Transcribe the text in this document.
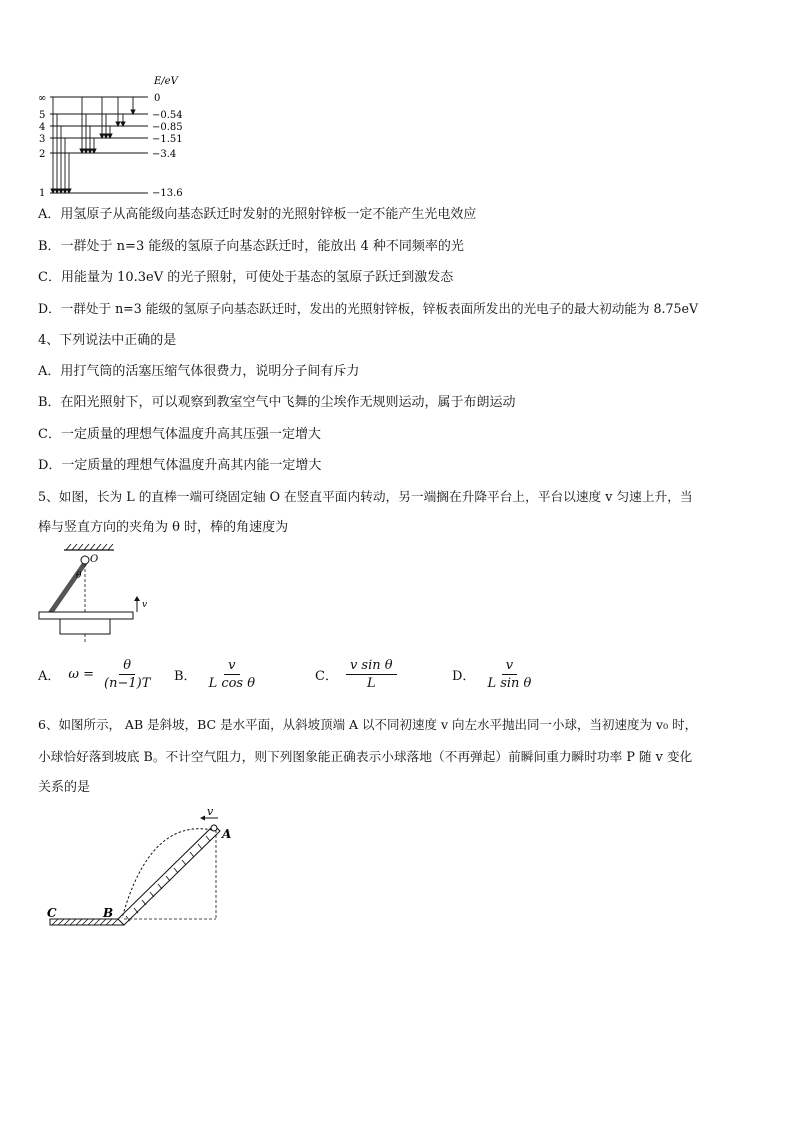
E/eV
∞
5
4
3
2
1
0
−0.54
−0.85
−1.51
−3.4
−13.6
A．用氢原子从高能级向基态跃迁时发射的光照射锌板一定不能产生光电效应
B．一群处于 n=3 能级的氢原子向基态跃迁时，能放出 4 种不同频率的光
C．用能量为 10.3eV 的光子照射，可使处于基态的氢原子跃迁到激发态
D．一群处于 n=3 能级的氢原子向基态跃迁时，发出的光照射锌板，锌板表面所发出的光电子的最大初动能为 8.75eV
4、下列说法中正确的是
A．用打气筒的活塞压缩气体很费力，说明分子间有斥力
B．在阳光照射下，可以观察到教室空气中飞舞的尘埃作无规则运动，属于布朗运动
C．一定质量的理想气体温度升高其压强一定增大
D．一定质量的理想气体温度升高其内能一定增大
5、如图，长为 L 的直棒一端可绕固定轴 O 在竖直平面内转动，另一端搁在升降平台上，平台以速度 v 匀速上升，当
棒与竖直方向的夹角为 θ 时，棒的角速度为
O
θ
v
A． $\omega = \frac{\theta}{(n-1)T}$ B． $\frac{v}{\text{L cos θ}}$	C． $\frac{\text{v sin θ}}{L}$	D． $\frac{v}{\text{L sin θ}}$
6、如图所示， AB 是斜坡，BC 是水平面，从斜坡顶端 A 以不同初速度 v 向左水平抛出同一小球，当初速度为 v₀ 时，
小球恰好落到坡底 B。不计空气阻力，则下列图象能正确表示小球落地（不再弹起）前瞬间重力瞬时功率 P 随 v 变化
关系的是
v
A
B
C
